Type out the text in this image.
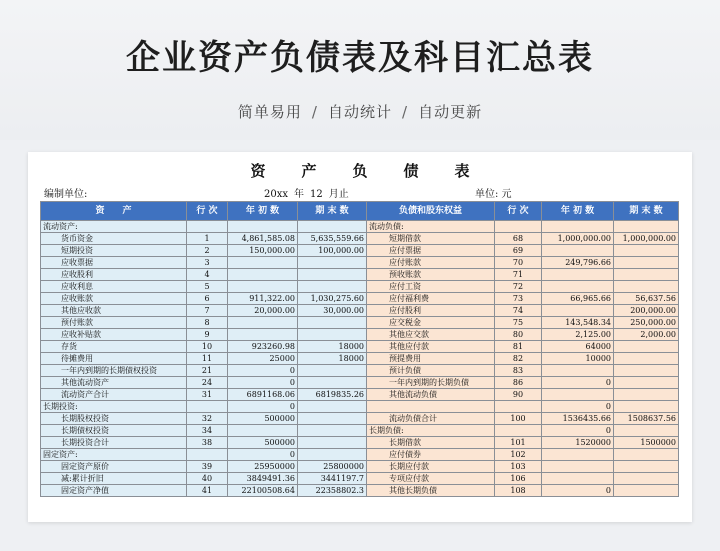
企业资产负债表及科目汇总表
简单易用 / 自动统计 / 自动更新
资 产 负 债 表
编制单位:	20xx 年 12 月止	单位: 元
资　　产	行 次	年 初 数	期 末 数	负债和股东权益	行 次	年 初 数	期 末 数
流动资产:				流动负债:			
货币资金	1	4,861,585.08	5,635,559.66	短期借款	68	1,000,000.00	1,000,000.00
短期投资	2	150,000.00	100,000.00	应付票据	69		
应收票据	3			应付账款	70	249,796.66	
应收股利	4			预收账款	71		
应收利息	5			应付工资	72		
应收账款	6	911,322.00	1,030,275.60	应付福利费	73	66,965.66	56,637.56
其他应收款	7	20,000.00	30,000.00	应付股利	74		200,000.00
预付账款	8			应交税金	75	143,548.34	250,000.00
应收补贴款	9			其他应交款	80	2,125.00	2,000.00
存货	10	923260.98	18000	其他应付款	81	64000	
待摊费用	11	25000	18000	预提费用	82	10000	
一年内到期的长期债权投资	21	0		预计负债	83		
其他流动资产	24	0		一年内到期的长期负债	86	0	
流动资产合计	31	6891168.06	6819835.26	其他流动负债	90		
长期投资:		0				0	
长期股权投资	32	500000		流动负债合计	100	1536435.66	1508637.56
长期债权投资	34			长期负债:		0	
长期投资合计	38	500000		长期借款	101	1520000	1500000
固定资产:		0		应付债券	102		
固定资产原价	39	25950000	25800000	长期应付款	103		
减:累计折旧	40	3849491.36	3441197.7	专项应付款	106		
固定资产净值	41	22100508.64	22358802.3	其他长期负债	108	0	
